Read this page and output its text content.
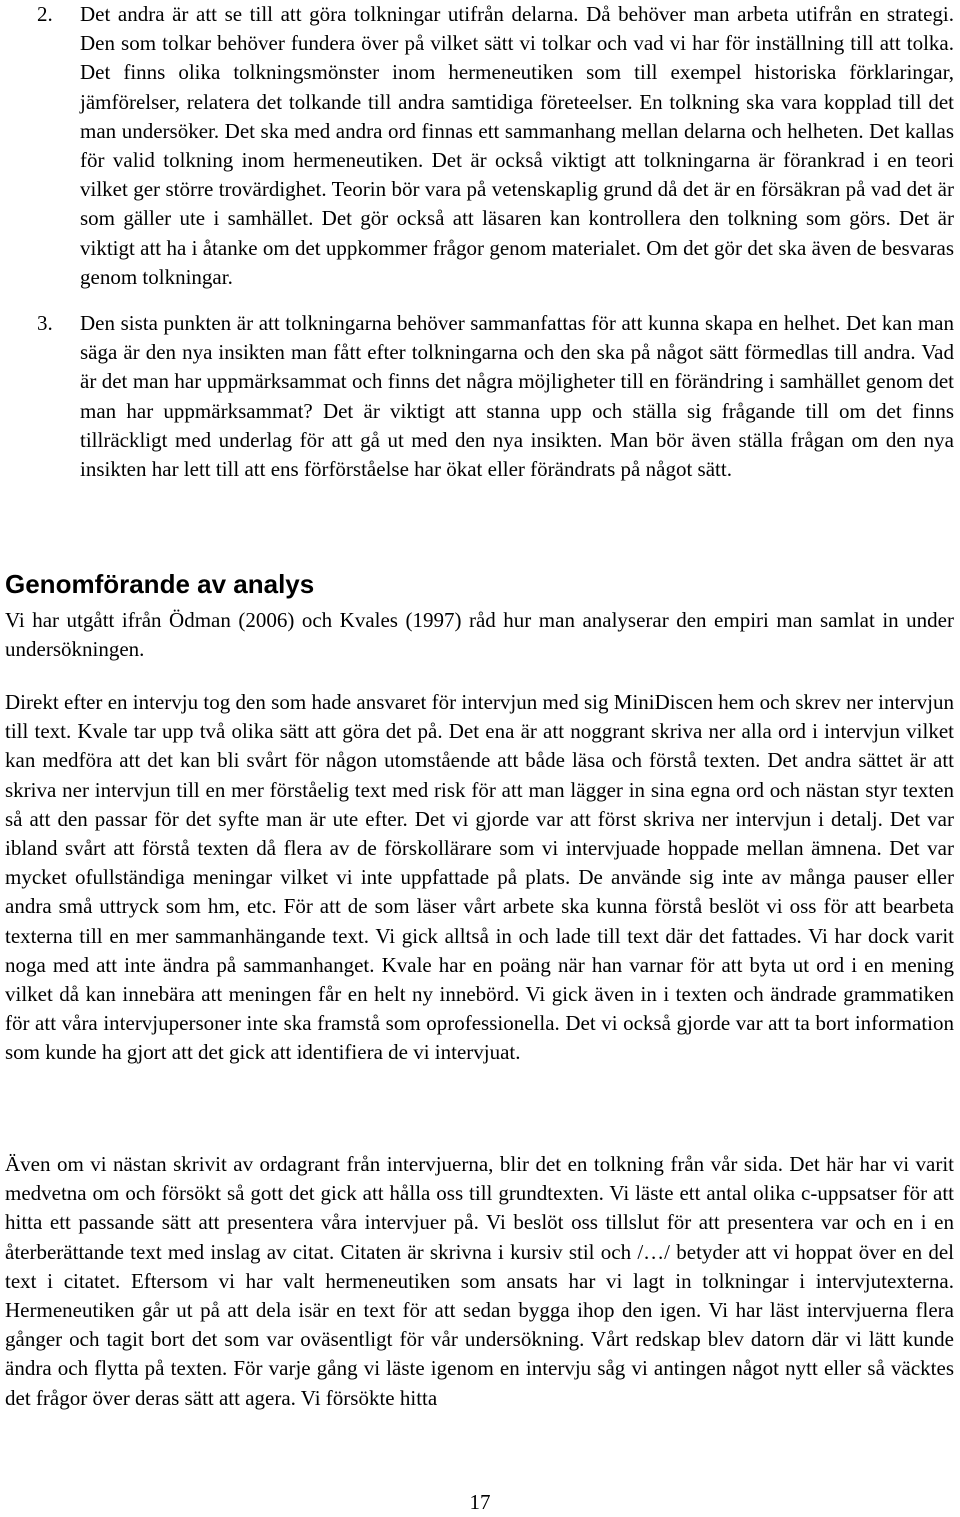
2.	Det andra är att se till att göra tolkningar utifrån delarna. Då behöver man arbeta utifrån en strategi. Den som tolkar behöver fundera över på vilket sätt vi tolkar och vad vi har för inställning till att tolka. Det finns olika tolkningsmönster inom hermeneutiken som till exempel historiska förklaringar, jämförelser, relatera det tolkande till andra samtidiga företeelser. En tolkning ska vara kopplad till det man undersöker. Det ska med andra ord finnas ett sammanhang mellan delarna och helheten. Det kallas för valid tolkning inom hermeneutiken. Det är också viktigt att tolkningarna är förankrad i en teori vilket ger större trovärdighet. Teorin bör vara på vetenskaplig grund då det är en försäkran på vad det är som gäller ute i samhället. Det gör också att läsaren kan kontrollera den tolkning som görs. Det är viktigt att ha i åtanke om det uppkommer frågor genom materialet. Om det gör det ska även de besvaras genom tolkningar.
3.	Den sista punkten är att tolkningarna behöver sammanfattas för att kunna skapa en helhet. Det kan man säga är den nya insikten man fått efter tolkningarna och den ska på något sätt förmedlas till andra. Vad är det man har uppmärksammat och finns det några möjligheter till en förändring i samhället genom det man har uppmärksammat? Det är viktigt att stanna upp och ställa sig frågande till om det finns tillräckligt med underlag för att gå ut med den nya insikten. Man bör även ställa frågan om den nya insikten har lett till att ens förförståelse har ökat eller förändrats på något sätt.
Genomförande av analys

Vi har utgått ifrån Ödman (2006) och Kvales (1997) råd hur man analyserar den empiri man samlat in under undersökningen.

Direkt efter en intervju tog den som hade ansvaret för intervjun med sig MiniDiscen hem och skrev ner intervjun till text. Kvale tar upp två olika sätt att göra det på. Det ena är att noggrant skriva ner alla ord i intervjun vilket kan medföra att det kan bli svårt för någon utomstående att både läsa och förstå texten. Det andra sättet är att skriva ner intervjun till en mer förståelig text med risk för att man lägger in sina egna ord och nästan styr texten så att den passar för det syfte man är ute efter. Det vi gjorde var att först skriva ner intervjun i detalj. Det var ibland svårt att förstå texten då flera av de förskollärare som vi intervjuade hoppade mellan ämnena. Det var mycket ofullständiga meningar vilket vi inte uppfattade på plats. De använde sig inte av många pauser eller andra små uttryck som hm, etc. För att de som läser vårt arbete ska kunna förstå beslöt vi oss för att bearbeta texterna till en mer sammanhängande text. Vi gick alltså in och lade till text där det fattades. Vi har dock varit noga med att inte ändra på sammanhanget. Kvale har en poäng när han varnar för att byta ut ord i en mening vilket då kan innebära att meningen får en helt ny innebörd. Vi gick även in i texten och ändrade grammatiken för att våra intervjupersoner inte ska framstå som oprofessionella. Det vi också gjorde var att ta bort information som kunde ha gjort att det gick att identifiera de vi intervjuat.

Även om vi nästan skrivit av ordagrant från intervjuerna, blir det en tolkning från vår sida. Det här har vi varit medvetna om och försökt så gott det gick att hålla oss till grundtexten. Vi läste ett antal olika c-uppsatser för att hitta ett passande sätt att presentera våra intervjuer på. Vi beslöt oss tillslut för att presentera var och en i en återberättande text med inslag av citat. Citaten är skrivna i kursiv stil och /…/ betyder att vi hoppat över en del text i citatet. Eftersom vi har valt hermeneutiken som ansats har vi lagt in tolkningar i intervjutexterna. Hermeneutiken går ut på att dela isär en text för att sedan bygga ihop den igen. Vi har läst intervjuerna flera gånger och tagit bort det som var oväsentligt för vår undersökning. Vårt redskap blev datorn där vi lätt kunde ändra och flytta på texten. För varje gång vi läste igenom en intervju såg vi antingen något nytt eller så väcktes det frågor över deras sätt att agera. Vi försökte hitta

17
